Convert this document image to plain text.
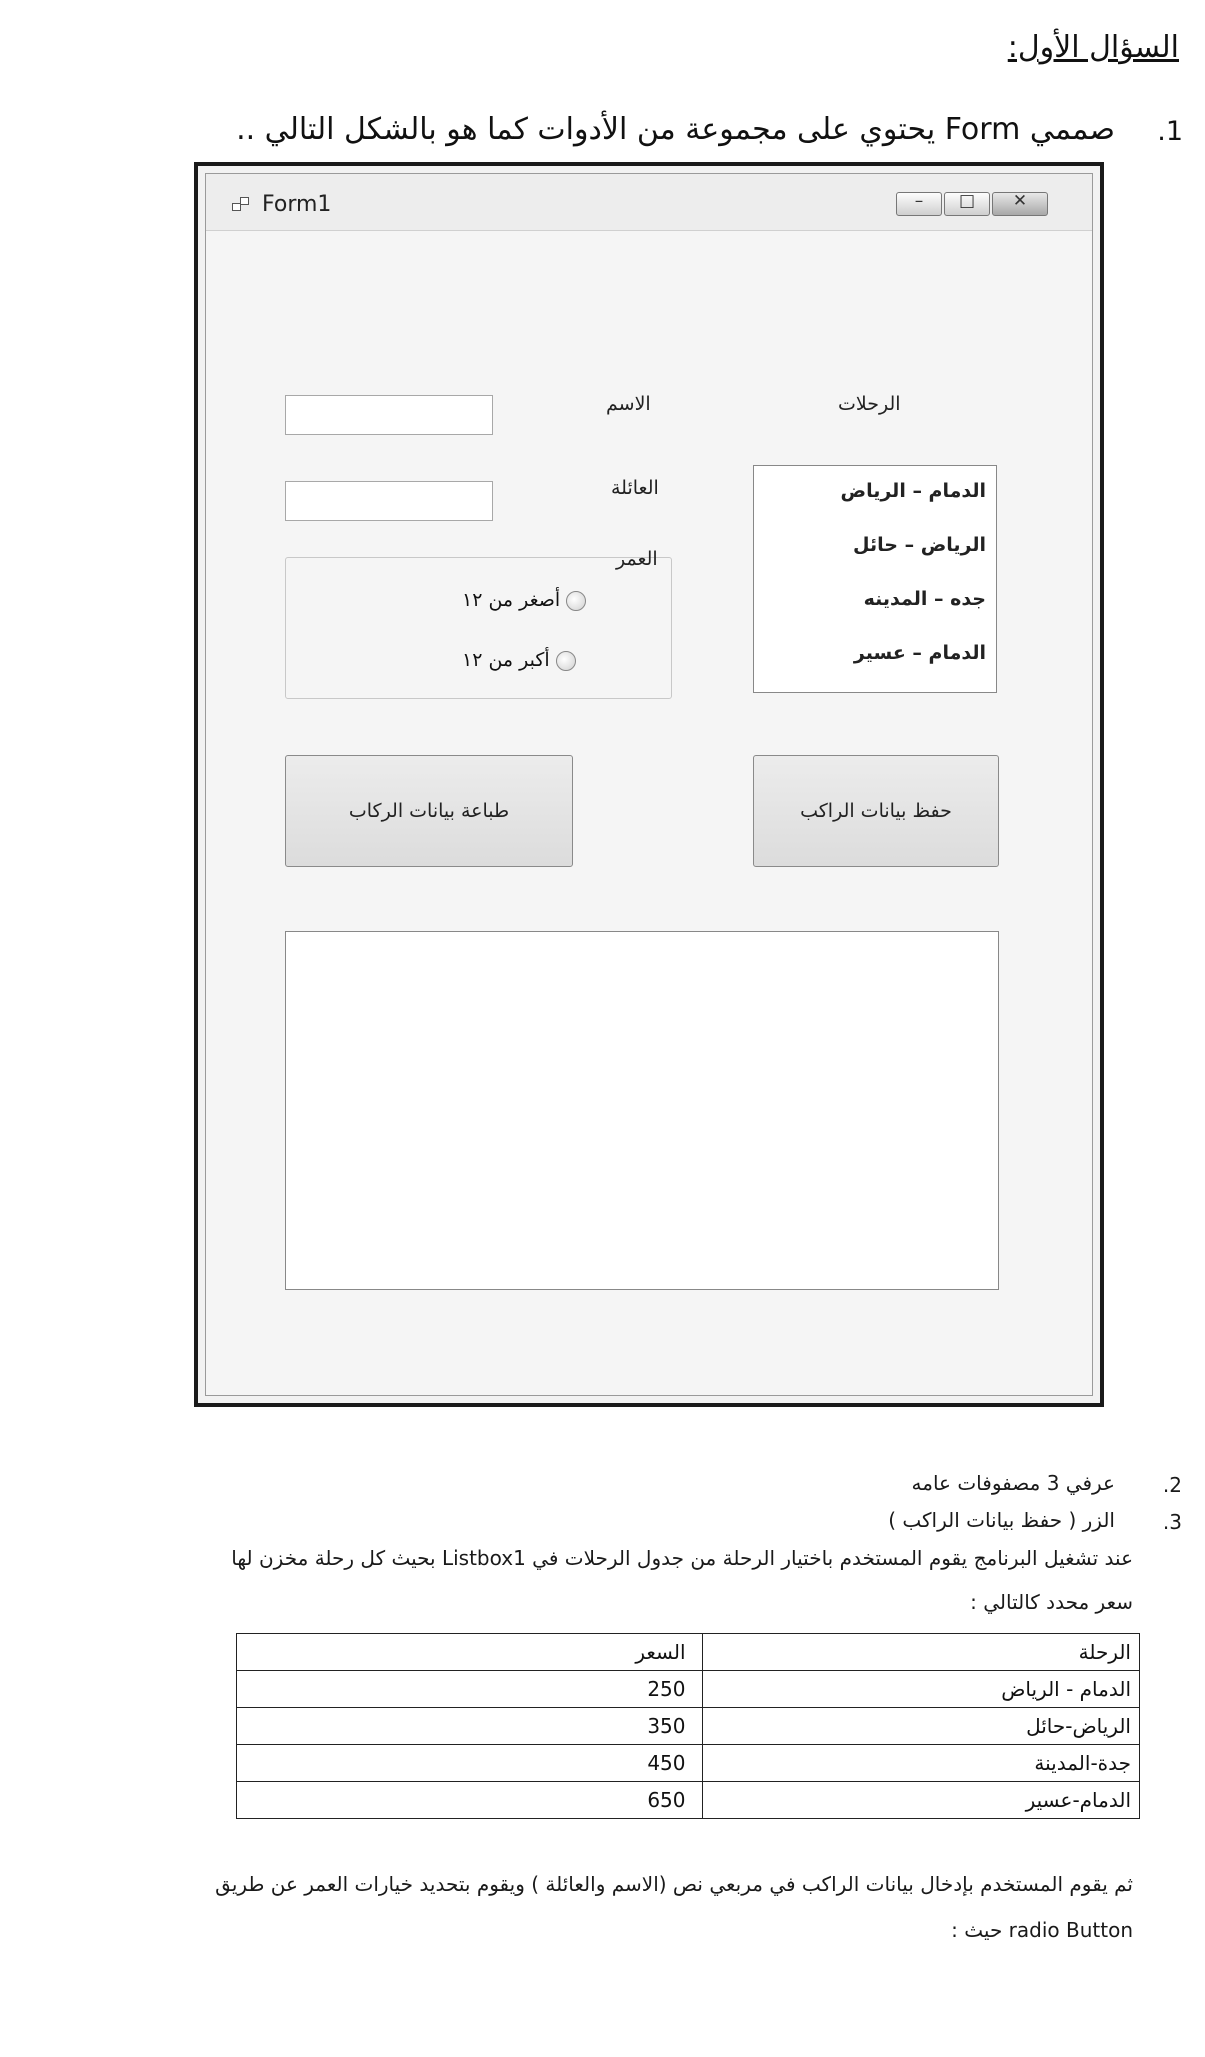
السؤال الأول:
.1
صممي Form يحتوي على مجموعة من الأدوات كما هو بالشكل التالي ..
Form1	–	□	✕
الرحلات
الاسم
العائلة
العمر
أصغر من ١٢
أكبر من ١٢
الدمام – الرياض
الرياض – حائل
جده – المدينه
الدمام – عسير
طباعة بيانات الركاب	حفظ بيانات الراكب
.2
عرفي 3 مصفوفات عامه
.3
الزر ( حفظ بيانات الراكب )
عند تشغيل البرنامج يقوم المستخدم باختيار الرحلة من جدول الرحلات في Listbox1 بحيث كل رحلة مخزن لها
سعر محدد كالتالي :
الرحلة	السعر
الدمام - الرياض	250
الرياض-حائل	350
جدة-المدينة	450
الدمام-عسير	650
ثم يقوم المستخدم بإدخال بيانات الراكب في مربعي نص (الاسم والعائلة ) ويقوم بتحديد خيارات العمر عن طريق
radio Button حيث :
